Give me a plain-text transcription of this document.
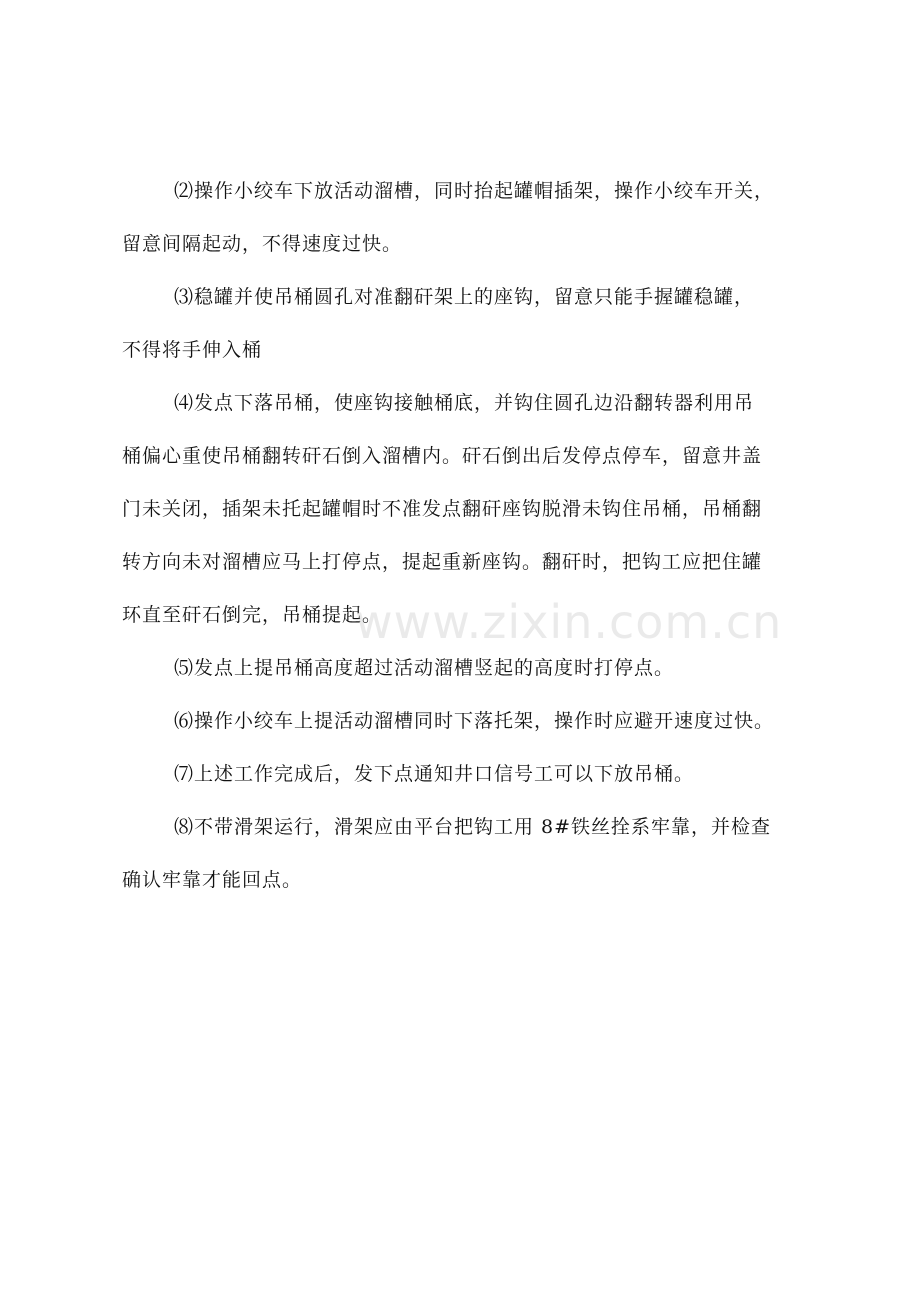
⑵操作小绞车下放活动溜槽，同时抬起罐帽插架，操作小绞车开关，
留意间隔起动，不得速度过快。

⑶稳罐并使吊桶圆孔对准翻矸架上的座钩，留意只能手握罐稳罐，
不得将手伸入桶

⑷发点下落吊桶，使座钩接触桶底，并钩住圆孔边沿翻转器利用吊
桶偏心重使吊桶翻转矸石倒入溜槽内。矸石倒出后发停点停车，留意井盖
门未关闭，插架未托起罐帽时不准发点翻矸座钩脱滑未钩住吊桶，吊桶翻
转方向未对溜槽应马上打停点，提起重新座钩。翻矸时，把钩工应把住罐
环直至矸石倒完，吊桶提起。

⑸发点上提吊桶高度超过活动溜槽竖起的高度时打停点。

⑹操作小绞车上提活动溜槽同时下落托架，操作时应避开速度过快。

⑺上述工作完成后，发下点通知井口信号工可以下放吊桶。

⑻不带滑架运行，滑架应由平台把钩工用 8#铁丝拴系牢靠，并检查
确认牢靠才能回点。

www.zixin.com.cn
